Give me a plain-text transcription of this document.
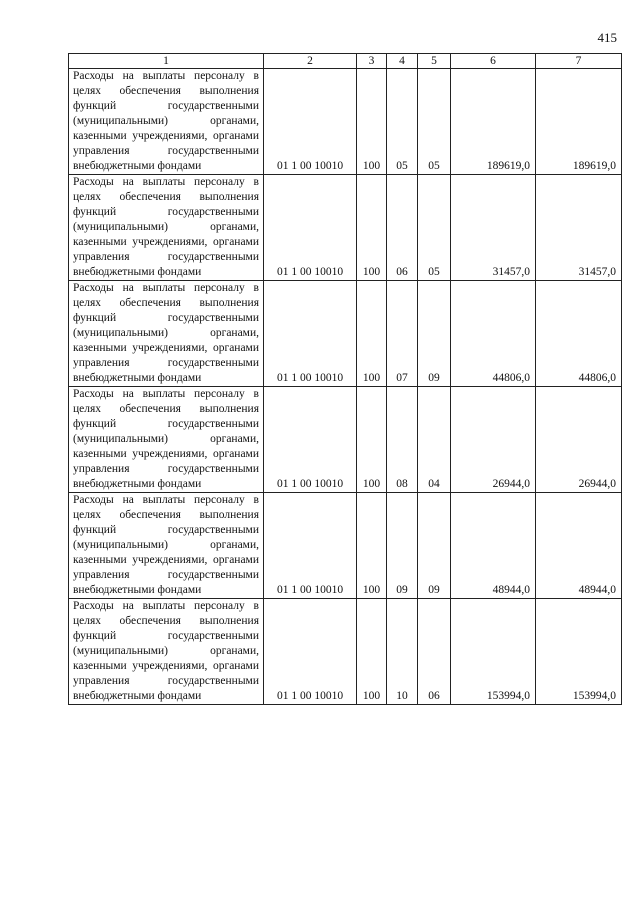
415
1	2	3	4	5	6	7
Расходы на выплаты персоналу в целях обеспечения выполнения функций государственными (муниципальными) органами, казенными учреждениями, органами управления государственными внебюджетными фондами	01 1 00 10010	100	05	05	189619,0	189619,0
Расходы на выплаты персоналу в целях обеспечения выполнения функций государственными (муниципальными) органами, казенными учреждениями, органами управления государственными внебюджетными фондами	01 1 00 10010	100	06	05	31457,0	31457,0
Расходы на выплаты персоналу в целях обеспечения выполнения функций государственными (муниципальными) органами, казенными учреждениями, органами управления государственными внебюджетными фондами	01 1 00 10010	100	07	09	44806,0	44806,0
Расходы на выплаты персоналу в целях обеспечения выполнения функций государственными (муниципальными) органами, казенными учреждениями, органами управления государственными внебюджетными фондами	01 1 00 10010	100	08	04	26944,0	26944,0
Расходы на выплаты персоналу в целях обеспечения выполнения функций государственными (муниципальными) органами, казенными учреждениями, органами управления государственными внебюджетными фондами	01 1 00 10010	100	09	09	48944,0	48944,0
Расходы на выплаты персоналу в целях обеспечения выполнения функций государственными (муниципальными) органами, казенными учреждениями, органами управления государственными внебюджетными фондами	01 1 00 10010	100	10	06	153994,0	153994,0
